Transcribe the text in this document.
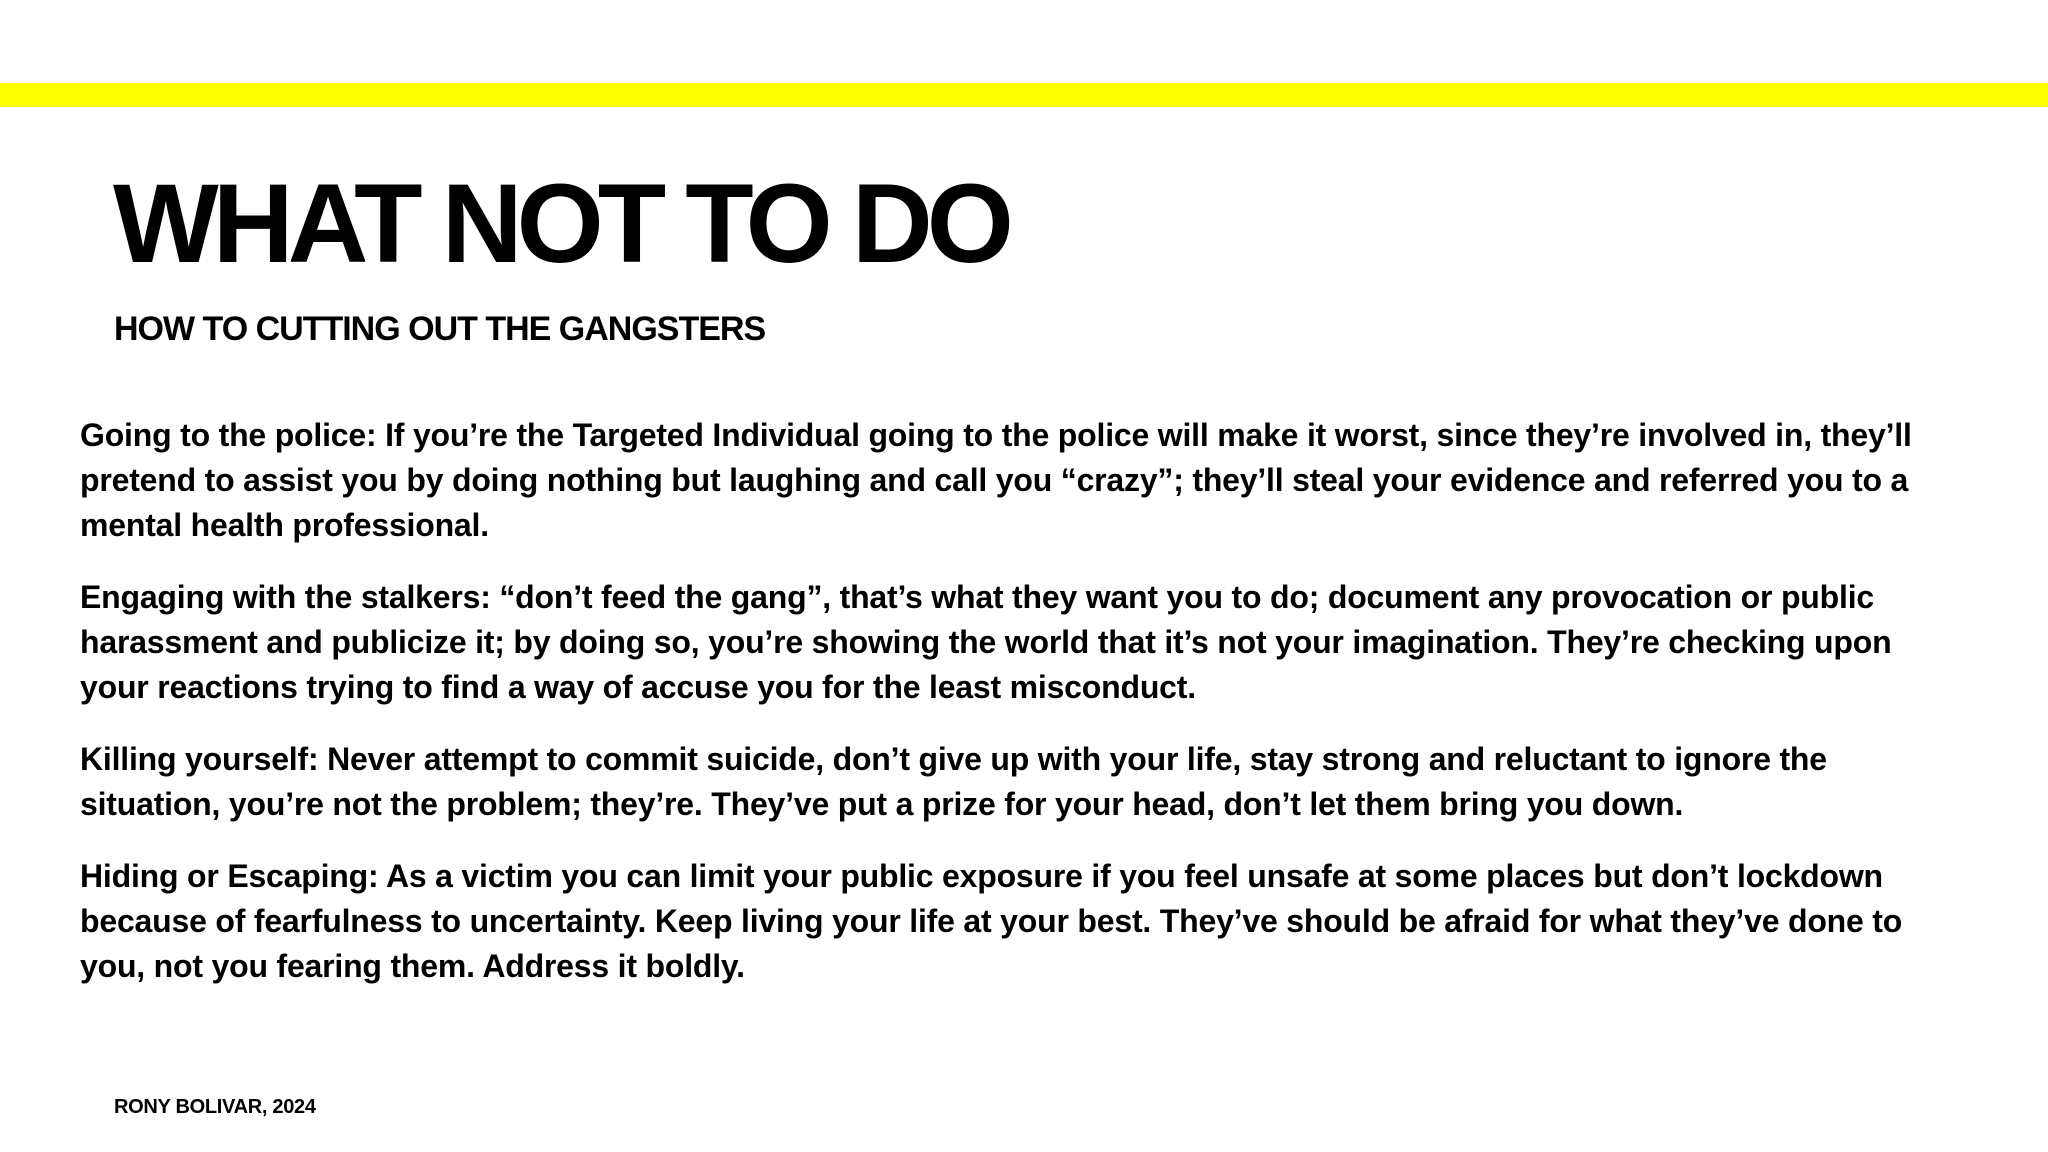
WHAT NOT TO DO
HOW TO CUTTING OUT THE GANGSTERS

Going to the police: If you’re the Targeted Individual going to the police will make it worst, since they’re involved in, they’ll pretend to assist you by doing nothing but laughing and call you “crazy”; they’ll steal your evidence and referred you to a mental health professional.

Engaging with the stalkers: “don’t feed the gang”, that’s what they want you to do; document any provocation or public harassment and publicize it; by doing so, you’re showing the world that it’s not your imagination. They’re checking upon your reactions trying to find a way of accuse you for the least misconduct.

Killing yourself: Never attempt to commit suicide, don’t give up with your life, stay strong and reluctant to ignore the situation, you’re not the problem; they’re. They’ve put a prize for your head, don’t let them bring you down.

Hiding or Escaping: As a victim you can limit your public exposure if you feel unsafe at some places but don’t lockdown because of fearfulness to uncertainty. Keep living your life at your best. They’ve should be afraid for what they’ve done to you, not you fearing them. Address it boldly.

RONY BOLIVAR, 2024
